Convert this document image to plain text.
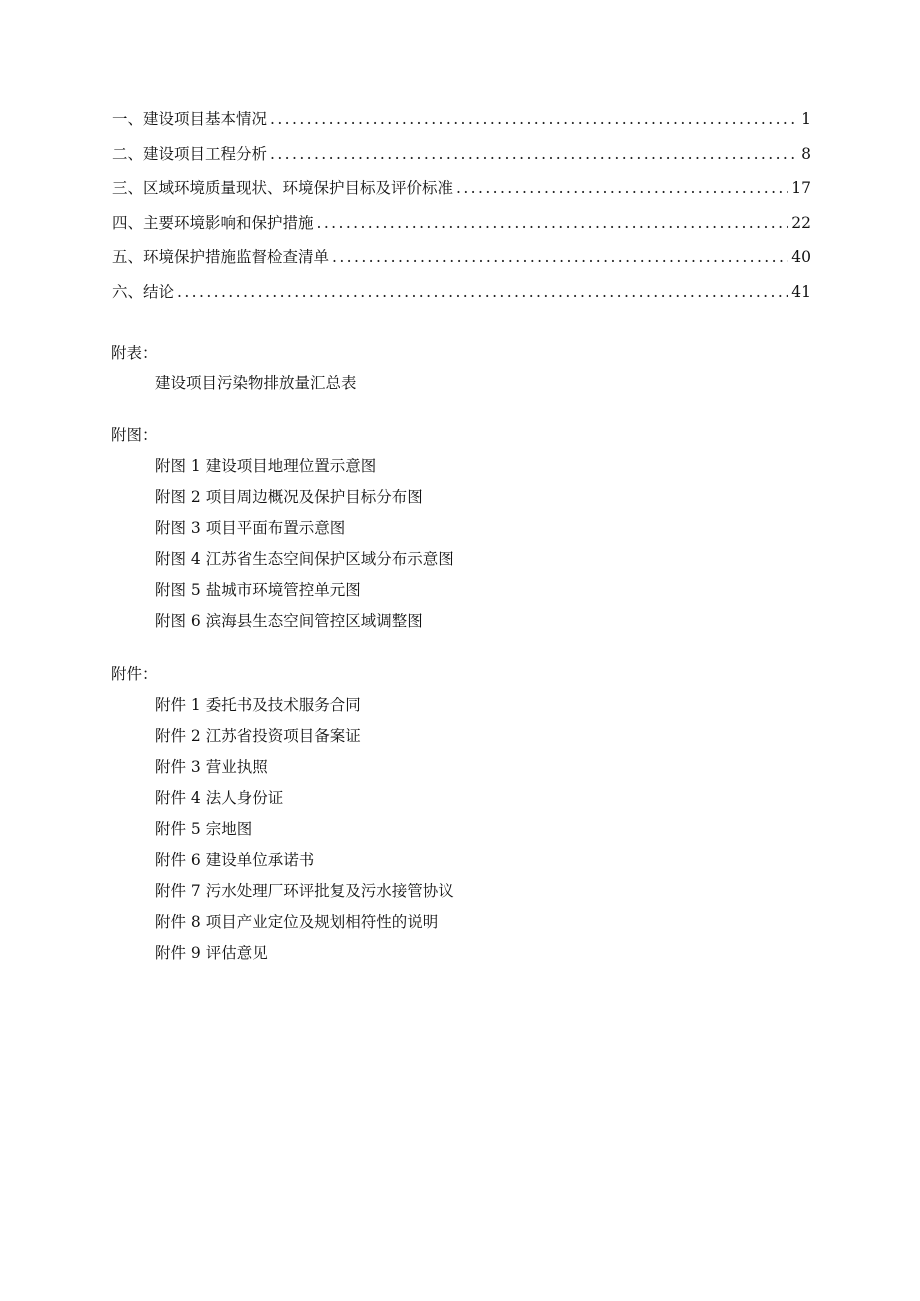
一、建设项目基本情况 .....	1
二、建设项目工程分析 .....	8
三、区域环境质量现状、环境保护目标及评价标准 .....	17
四、主要环境影响和保护措施 .....	22
五、环境保护措施监督检查清单 .....	40
六、结论 .....	41
附表：
建设项目污染物排放量汇总表
附图：
附图 1 建设项目地理位置示意图
附图 2 项目周边概况及保护目标分布图
附图 3 项目平面布置示意图
附图 4 江苏省生态空间保护区域分布示意图
附图 5 盐城市环境管控单元图
附图 6 滨海县生态空间管控区域调整图
附件：
附件 1 委托书及技术服务合同
附件 2 江苏省投资项目备案证
附件 3 营业执照
附件 4 法人身份证
附件 5 宗地图
附件 6 建设单位承诺书
附件 7 污水处理厂环评批复及污水接管协议
附件 8 项目产业定位及规划相符性的说明
附件 9 评估意见
